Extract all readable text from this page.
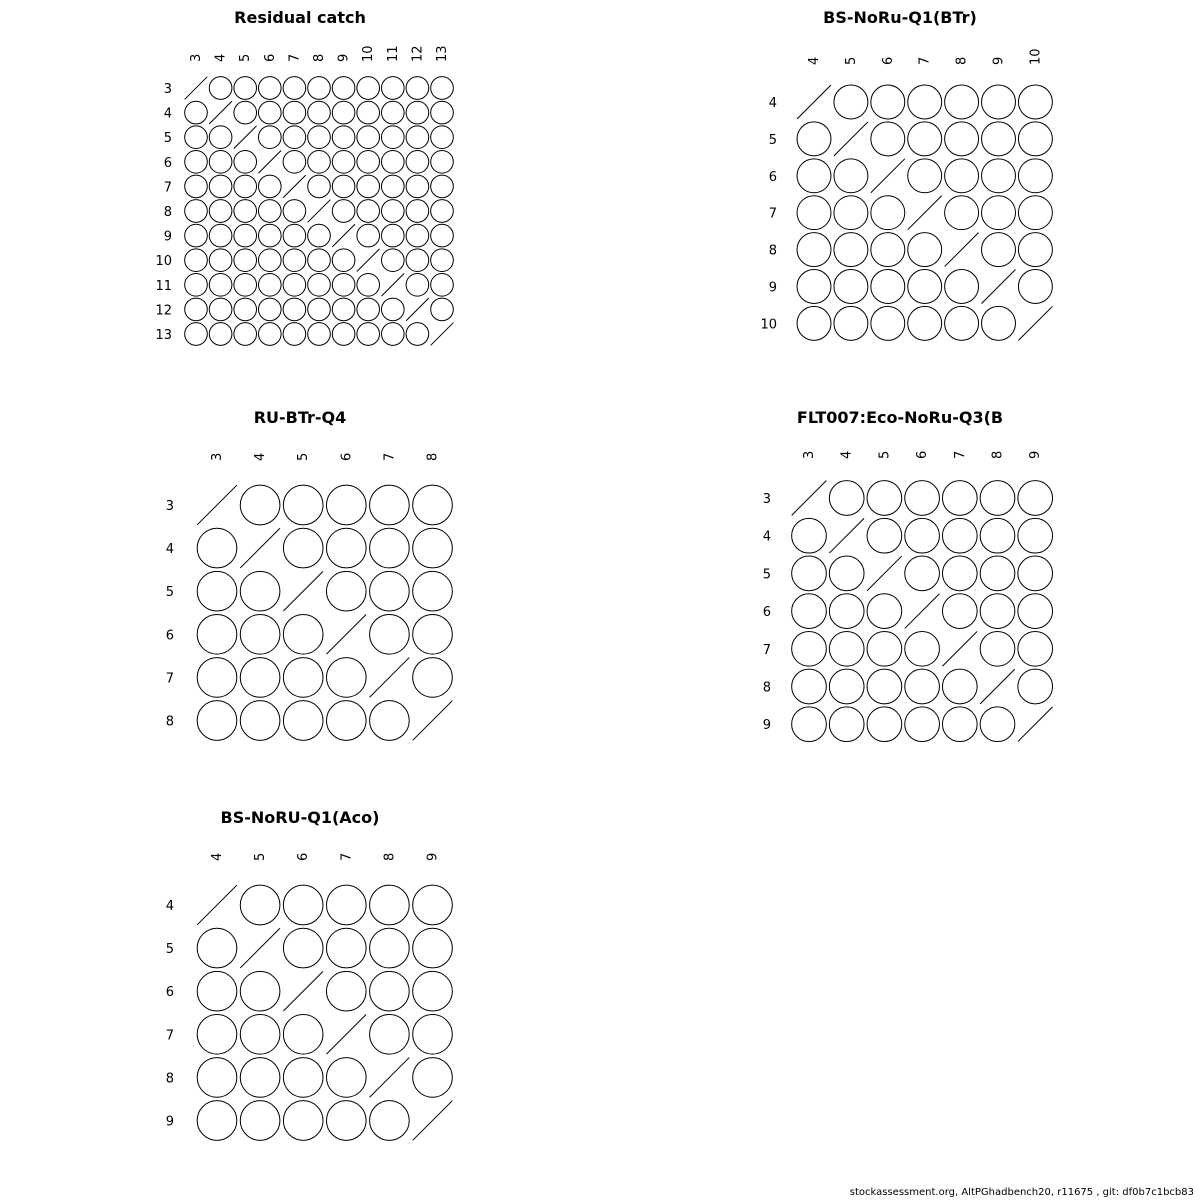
Residual catch
3 4 5 6 7 8 9 10 11 12 13
3
4
5
6
7
8
9
10
11
12
13
BS-NoRu-Q1(BTr)
4 5 6 7 8 9 10
4
5
6
7
8
9
10
RU-BTr-Q4
3 4 5 6 7 8
3
4
5
6
7
8
FLT007:Eco-NoRu-Q3(B
3 4 5 6 7 8 9
3
4
5
6
7
8
9
BS-NoRU-Q1(Aco)
4 5 6 7 8 9
4
5
6
7
8
9
stockassessment.org, AltPGhadbench20, r11675 , git: df0b7c1bcb83
